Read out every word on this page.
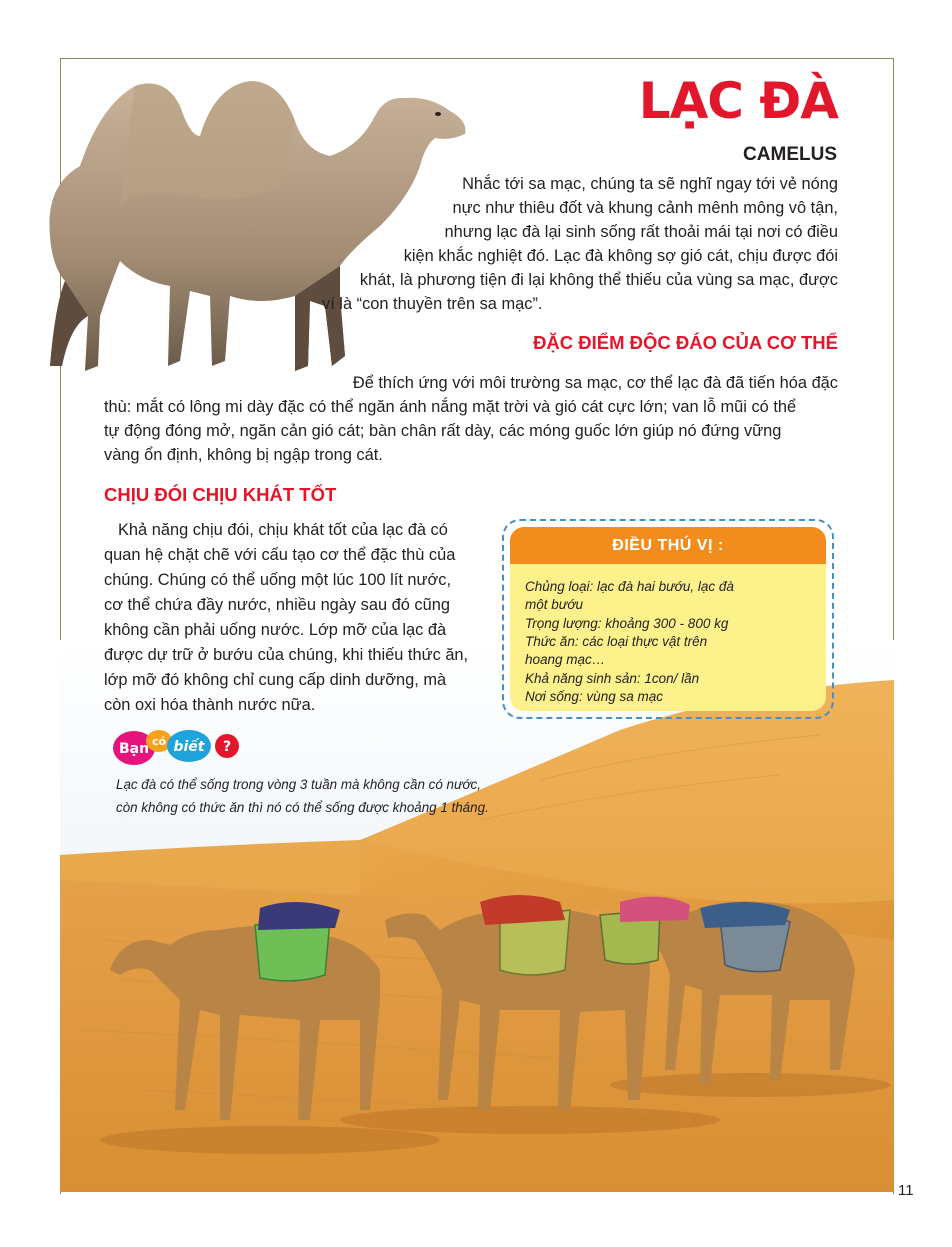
LẠC ĐÀ
CAMELUS

Nhắc tới sa mạc, chúng ta sẽ nghĩ ngay tới vẻ nóng

nực như thiêu đốt và khung cảnh mênh mông vô tận,

nhưng lạc đà lại sinh sống rất thoải mái tại nơi có điều

kiện khắc nghiệt đó. Lạc đà không sợ gió cát, chịu được đói

khát, là phương tiện đi lại không thể thiếu của vùng sa mạc, được

ví là “con thuyền trên sa mạc”.

ĐẶC ĐIỂM ĐỘC ĐÁO CỦA CƠ THỂ
Để thích ứng với môi trường sa mạc, cơ thể lạc đà đã tiến hóa đặc
thù: mắt có lông mi dày đặc có thể ngăn ánh nắng mặt trời và gió cát cực lớn; van lỗ mũi có thể
tự động đóng mở, ngăn cản gió cát; bàn chân rất dày, các móng guốc lớn giúp nó đứng vững
vàng ổn định, không bị ngập trong cát.
CHỊU ĐÓI CHỊU KHÁT TỐT
Khả năng chịu đói, chịu khát tốt của lạc đà có
quan hệ chặt chẽ với cấu tạo cơ thể đặc thù của
chúng. Chúng có thể uống một lúc 100 lít nước,
cơ thể chứa đầy nước, nhiều ngày sau đó cũng
không cần phải uống nước. Lớp mỡ của lạc đà
được dự trữ ở bướu của chúng, khi thiếu thức ăn,
lớp mỡ đó không chỉ cung cấp dinh dưỡng, mà
còn oxi hóa thành nước nữa.
ĐIỀU THÚ VỊ :
Chủng loại: lạc đà hai bướu, lạc đà
một bướu
Trọng lượng: khoảng 300 - 800 kg
Thức ăn: các loại thực vật trên
hoang mạc…
Khả năng sinh sản: 1con/ lần
Nơi sống: vùng sa mạc
Bạn có biết ?
Lạc đà có thể sống trong vòng 3 tuần mà không cần có nước,
còn không có thức ăn thì nó có thể sống được khoảng 1 tháng.
11
